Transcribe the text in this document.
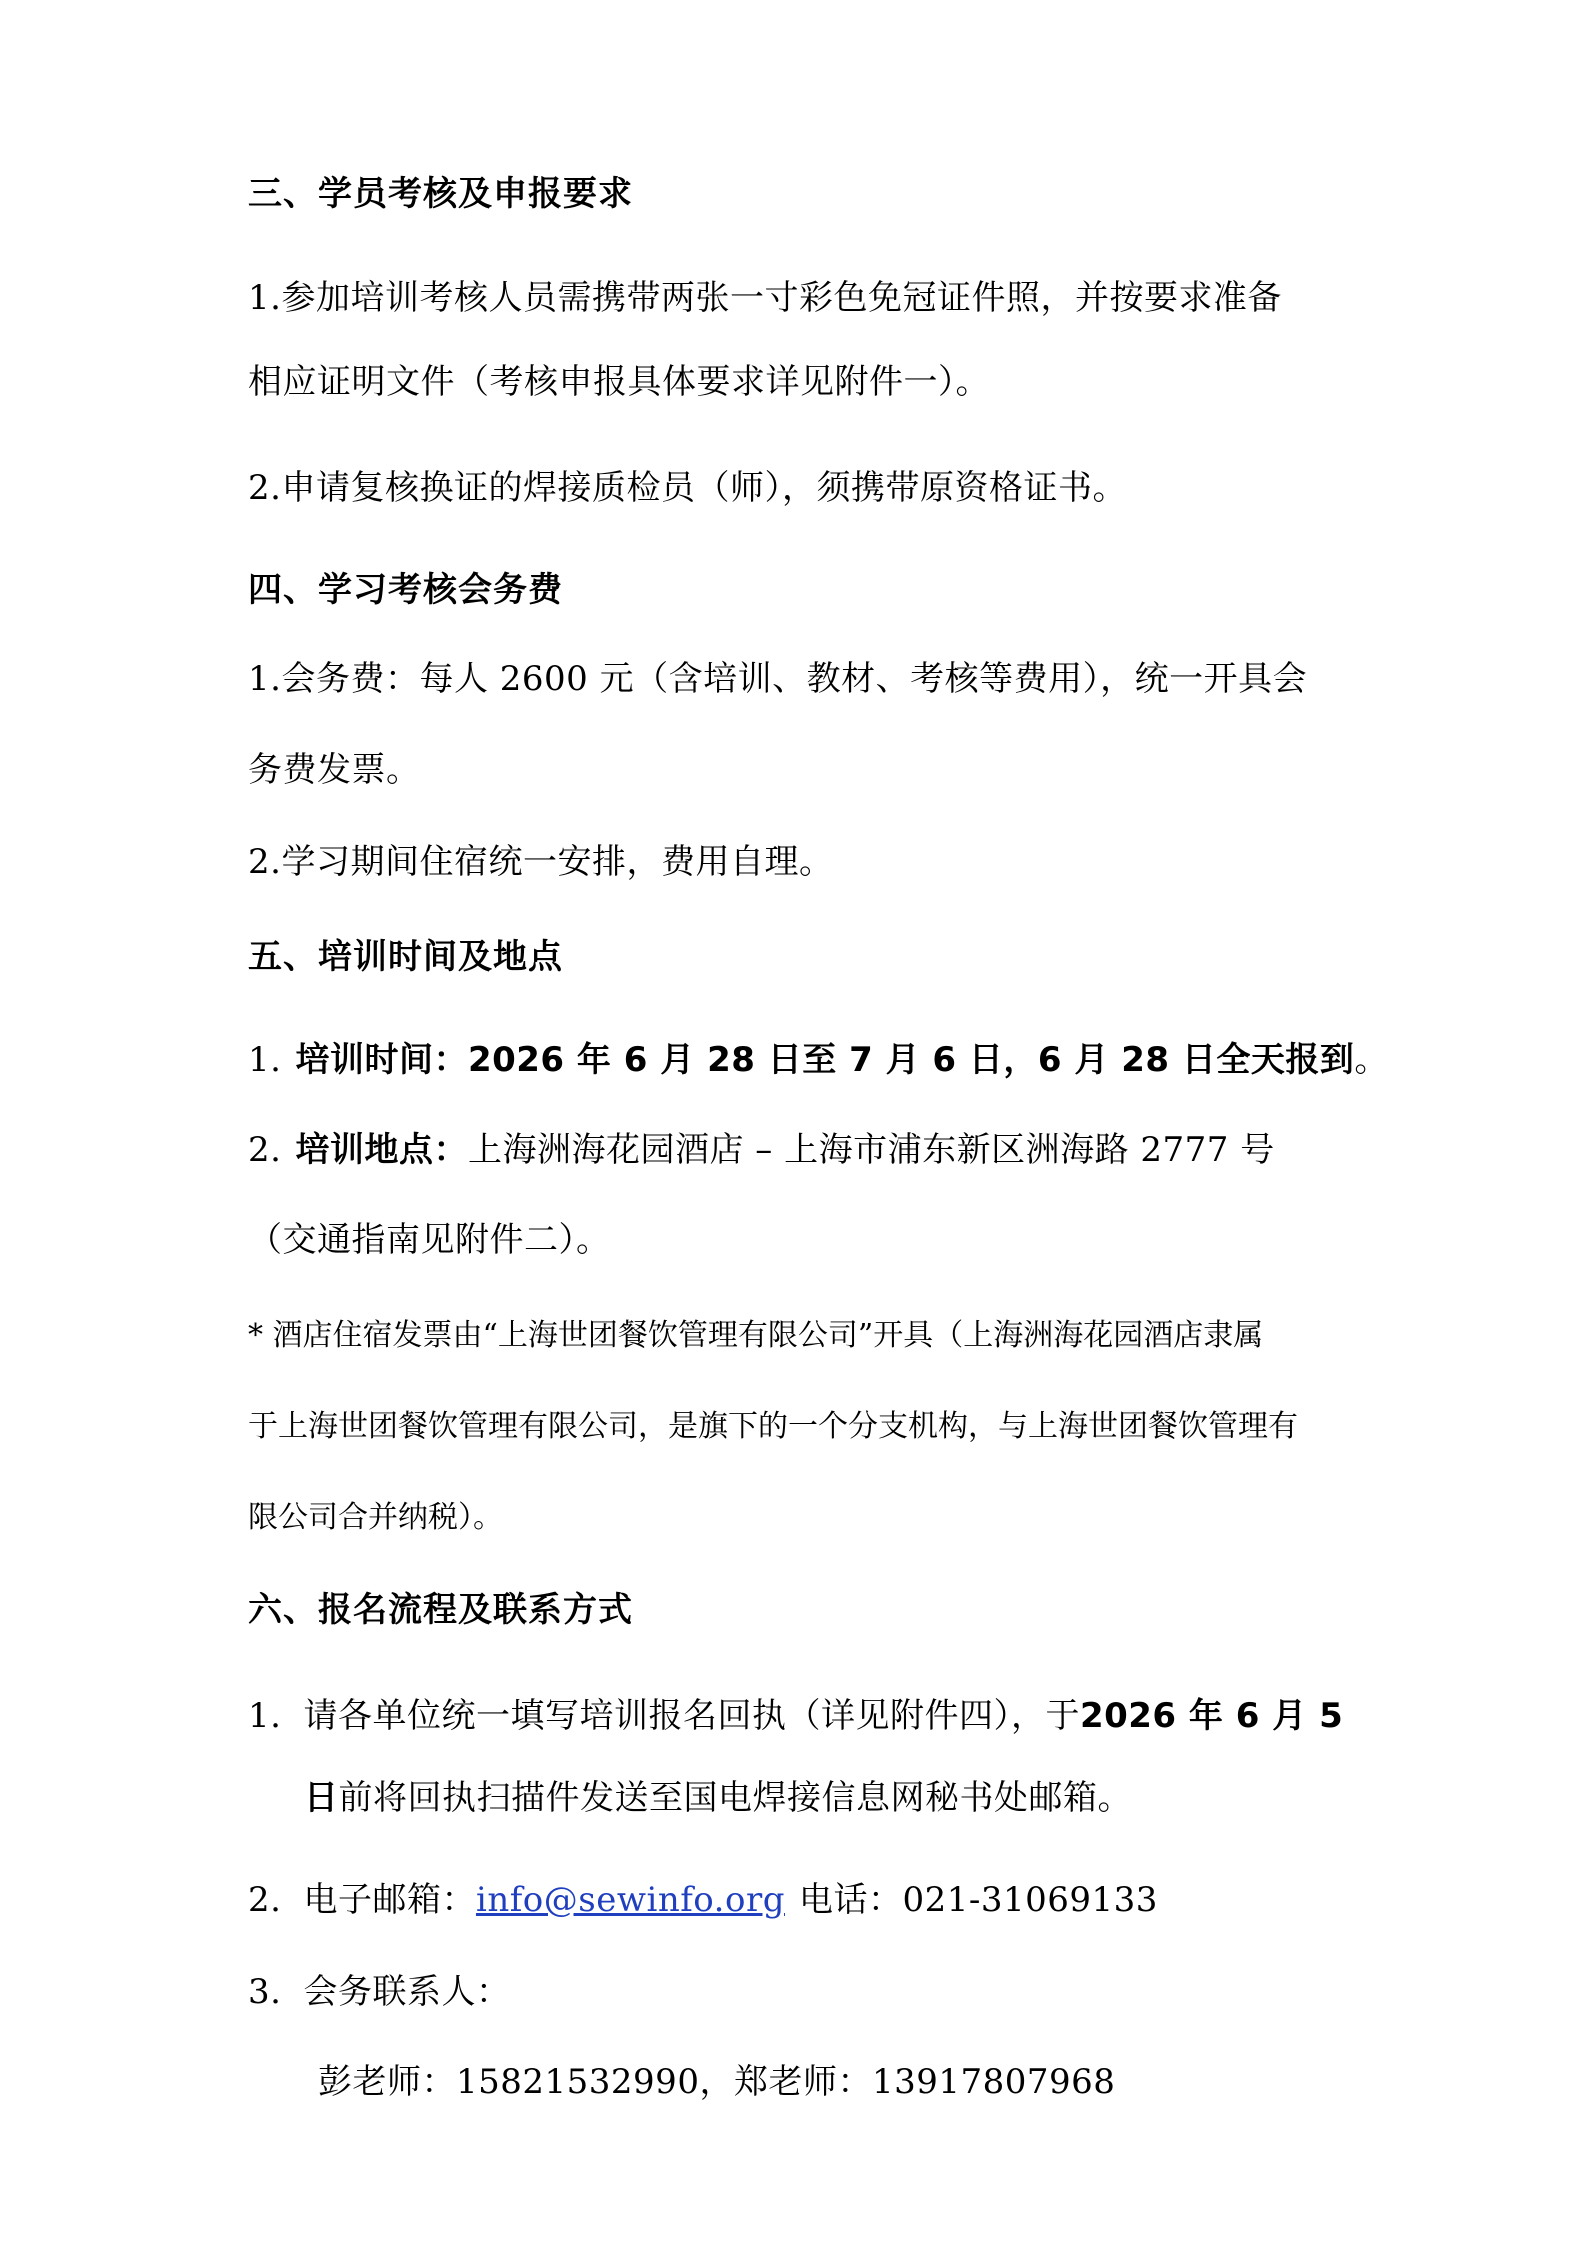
三、学员考核及申报要求
1.参加培训考核人员需携带两张一寸彩色免冠证件照，并按要求准备
相应证明文件（考核申报具体要求详见附件一）。
2.申请复核换证的焊接质检员（师），须携带原资格证书。
四、学习考核会务费
1.会务费：每人 2600 元（含培训、教材、考核等费用），统一开具会
务费发票。
2.学习期间住宿统一安排，费用自理。
五、培训时间及地点
1. 培训时间：2026 年 6 月 28 日至 7 月 6 日，6 月 28 日全天报到。
2. 培训地点：上海洲海花园酒店 – 上海市浦东新区洲海路 2777 号
（交通指南见附件二）。
* 酒店住宿发票由“上海世团餐饮管理有限公司”开具（上海洲海花园酒店隶属
于上海世团餐饮管理有限公司，是旗下的一个分支机构，与上海世团餐饮管理有
限公司合并纳税）。
六、报名流程及联系方式
1. 请各单位统一填写培训报名回执（详见附件四），于2026 年 6 月 5
日前将回执扫描件发送至国电焊接信息网秘书处邮箱。
2. 电子邮箱：info@sewinfo.org 电话：021-31069133
3. 会务联系人：
彭老师：15821532990，郑老师：13917807968
